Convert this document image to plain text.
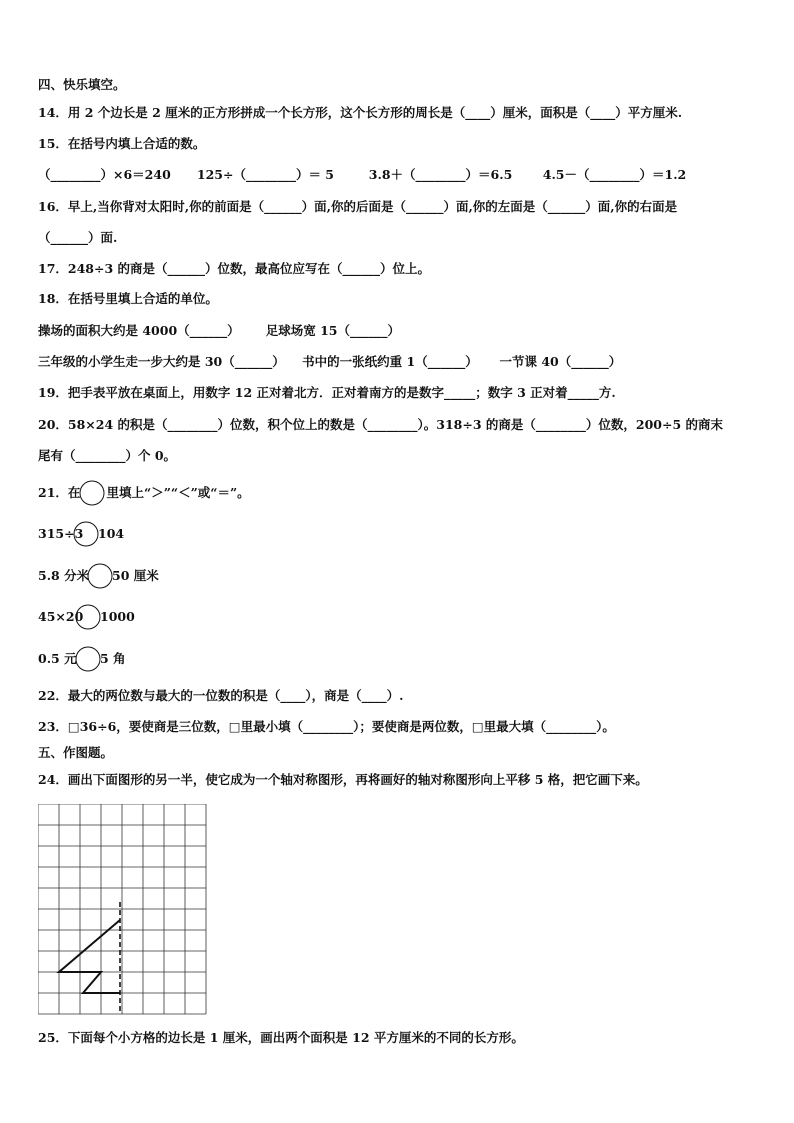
四、快乐填空。
14．用 2 个边长是 2 厘米的正方形拼成一个长方形，这个长方形的周长是（____）厘米，面积是（____）平方厘米.
15．在括号内填上合适的数。
（________）×6＝240      125÷（________）＝ 5        3.8＋（________）＝6.5       4.5－（________）＝1.2
16．早上,当你背对太阳时,你的前面是（______）面,你的后面是（______）面,你的左面是（______）面,你的右面是
（______）面.
17．248÷3 的商是（______）位数，最高位应写在（______）位上。
18．在括号里填上合适的单位。
操场的面积大约是 4000（______）      足球场宽 15（______）
三年级的小学生走一步大约是 30（______）    书中的一张纸约重 1（______）     一节课 40（______）
19．把手表平放在桌面上，用数字 12 正对着北方．正对着南方的是数字_____；数字 3 正对着_____方.
20．58×24 的积是（________）位数，积个位上的数是（________）。318÷3 的商是（________）位数，200÷5 的商末
尾有（________）个 0。
21．在      里填上“＞”“＜”或“＝”。
315÷3 104
5.8 分米 50 厘米
45×20 1000
0.5 元 5 角
22．最大的两位数与最大的一位数的积是（____），商是（____）.
23．□36÷6，要使商是三位数，□里最小填（________）；要使商是两位数，□里最大填（________）。
五、作图题。
24．画出下面图形的另一半，使它成为一个轴对称图形，再将画好的轴对称图形向上平移 5 格，把它画下来。
25．下面每个小方格的边长是 1 厘米，画出两个面积是 12 平方厘米的不同的长方形。
